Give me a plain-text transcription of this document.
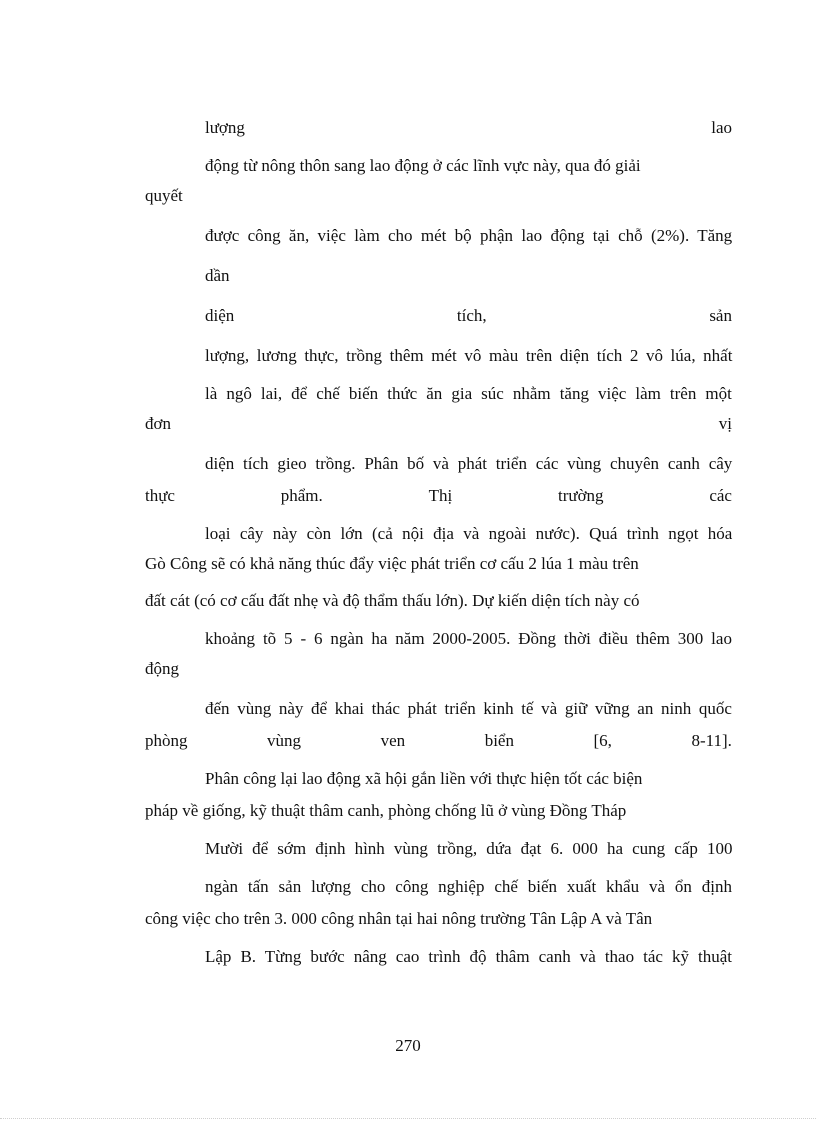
lượng	lao

động từ nông thôn sang lao động ở các lĩnh vực này, qua đó giải

quyết

được công ăn, việc làm cho mét bộ phận lao động tại chỗ (2%). Tăng

dần

diện	tích,	sản

lượng, lương thực, trồng thêm mét vô màu trên diện tích 2 vô lúa, nhất

là ngô lai, để chế biến thức ăn gia súc nhằm tăng việc làm trên một

đơn	vị

diện tích gieo trồng. Phân bố và phát triển các vùng chuyên canh cây

thực	phẩm.	Thị	trường	các

loại cây này còn lớn (cả nội địa và ngoài nước). Quá trình ngọt hóa

Gò Công sẽ có khả năng thúc đẩy việc phát triển cơ cấu 2 lúa 1 màu trên

đất cát (có cơ cấu đất nhẹ và độ thẩm thấu lớn). Dự kiến diện tích này có

khoảng tõ 5 - 6 ngàn ha năm 2000-2005. Đồng thời điều thêm 300 lao

động

đến vùng này để khai thác phát triển kinh tế và giữ vững an ninh quốc

phòng	vùng	ven	biển	[6,	8-11].

Phân công lại lao động xã hội gắn liền với thực hiện tốt các biện

pháp về giống, kỹ thuật thâm canh, phòng chống lũ ở vùng Đồng Tháp

Mười để sớm định hình vùng trồng, dứa đạt 6. 000 ha cung cấp 100

ngàn tấn sản lượng cho công nghiệp chế biến xuất khẩu và ổn định

công việc cho trên 3. 000 công nhân tại hai nông trường Tân Lập A và Tân

Lập B. Từng bước nâng cao trình độ thâm canh và thao tác kỹ thuật

270
